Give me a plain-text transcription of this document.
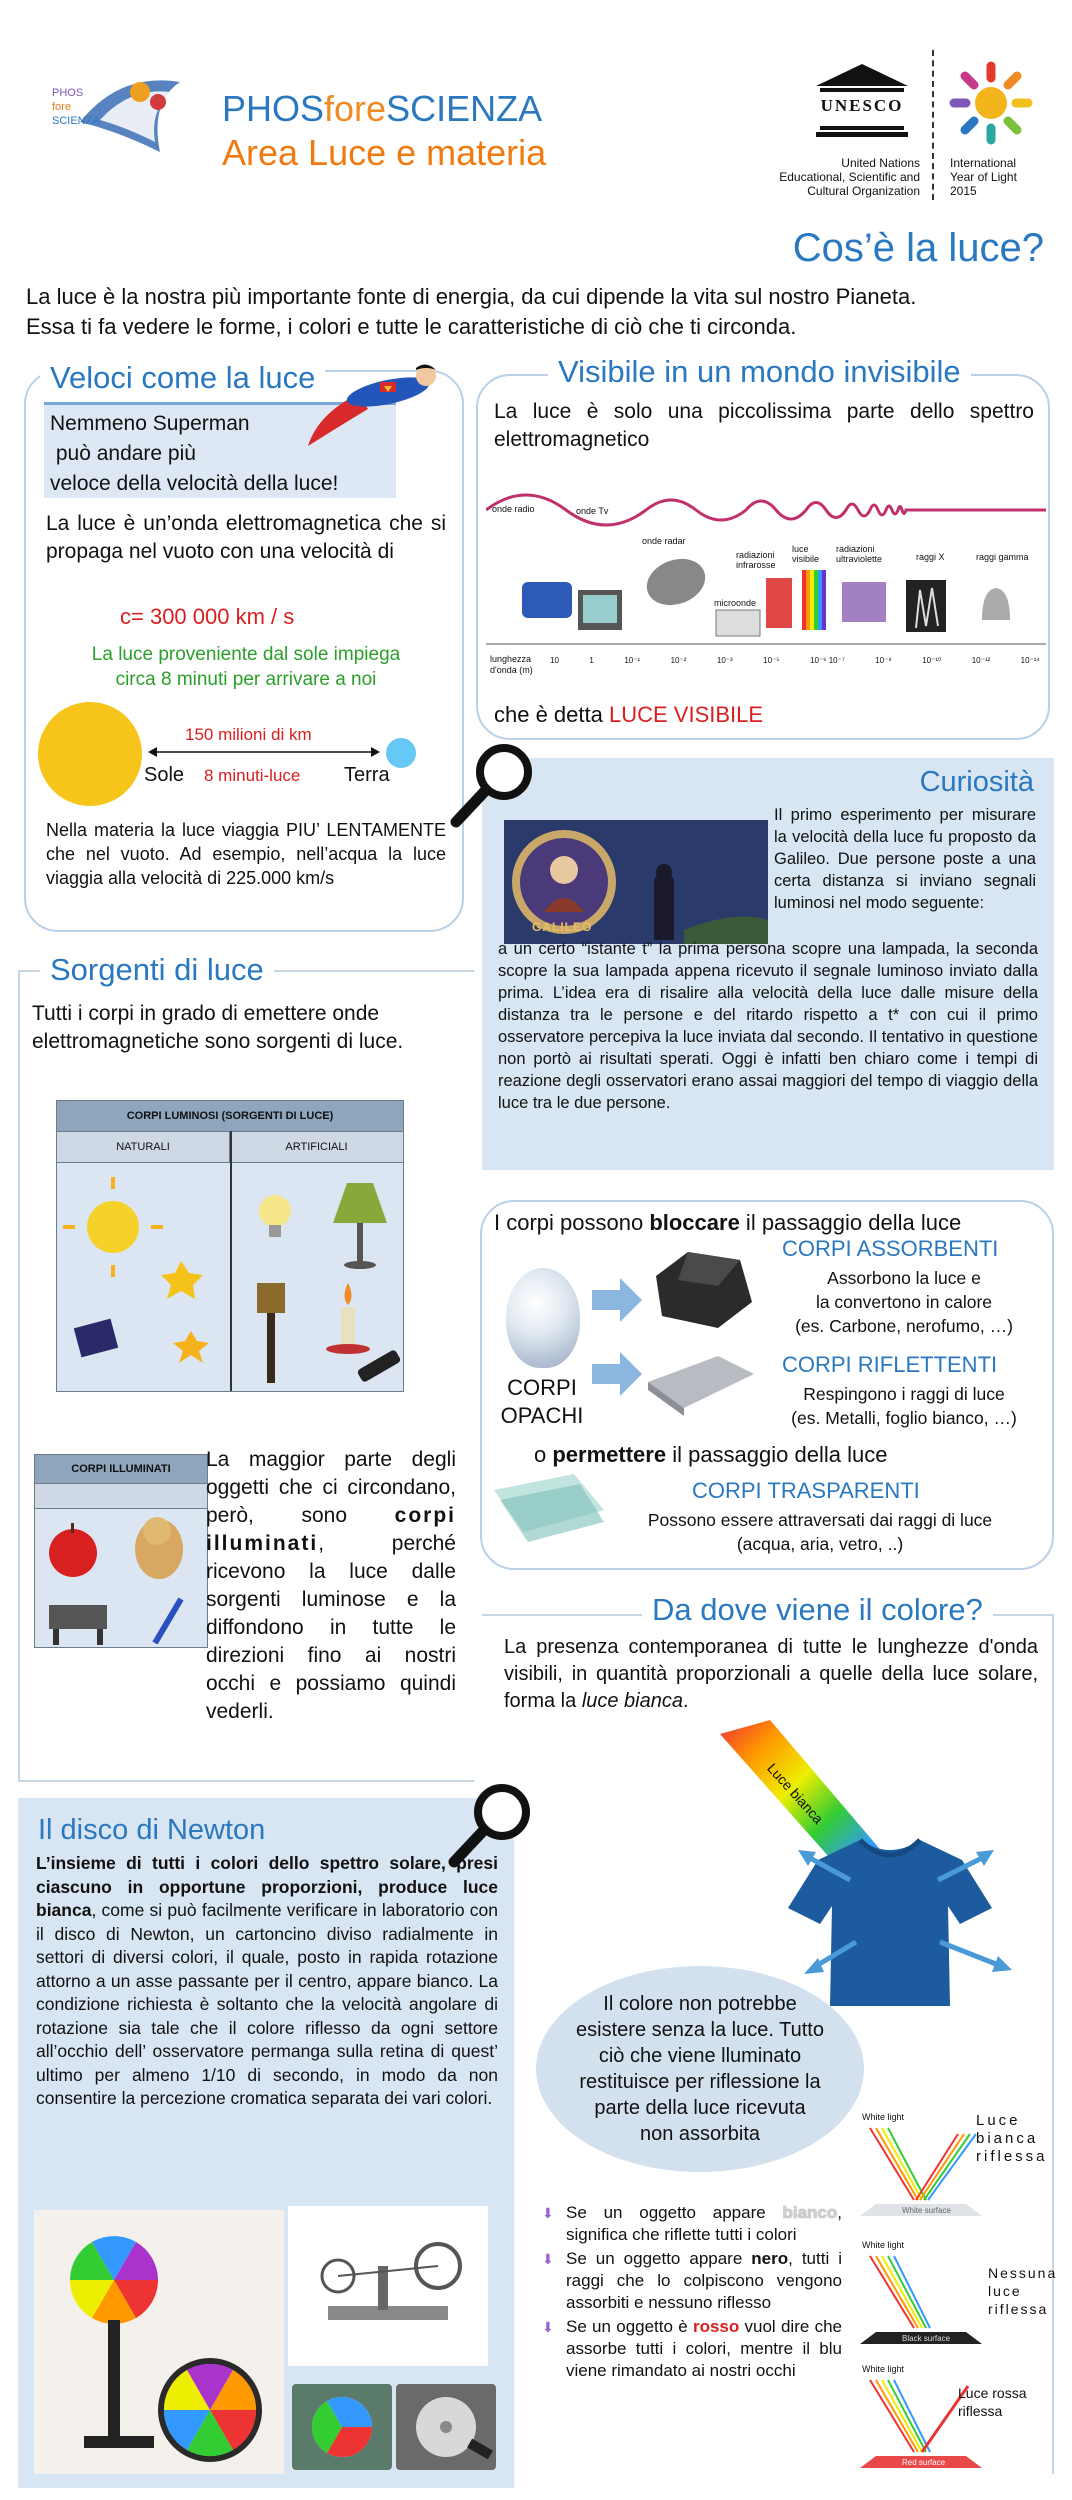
PHOS
fore
SCIENZA	PHOSforeSCIENZA
Area Luce e materia
UNESCO
United Nations
Educational, Scientific and
Cultural Organization
International
Year of Light
2015
Cos’è la luce?
La luce è la nostra più importante fonte di energia, da cui dipende la vita sul nostro Pianeta.
Essa ti fa vedere le forme, i colori e tutte le caratteristiche di ciò che ti circonda.
Veloci come la luce
Nemmeno Superman
può andare più
veloce della velocità della luce!
La luce è un’onda elettromagnetica che si propaga nel vuoto con una velocità di
c= 300 000 km / s
La luce proveniente dal sole impiega
circa 8 minuti per arrivare a noi
150 milioni di km
Sole 8 minuti-luce Terra
Nella materia la luce viaggia PIU’ LENTAMENTE che nel vuoto. Ad esempio, nell’acqua la luce viaggia alla velocità di 225.000 km/s
Visibile in un mondo invisibile
La luce è solo una piccolissima parte dello spettro elettromagnetico
onde radio	onde Tv
onde radar
microonde
radiazioni infrarosse
luce visibile
radiazioni ultraviolette	raggi X	raggi gamma
lunghezza
d'onda (m)
10	1	10⁻¹	10⁻²	10⁻³	10⁻⁵	10⁻⁶ 10⁻⁷	10⁻⁸	10⁻¹⁰	10⁻¹²	10⁻¹⁴
che è detta LUCE VISIBILE
Curiosità
GALILEO
Il primo esperimento per misurare la velocità della luce fu proposto da Galileo. Due persone poste a una certa distanza si inviano segnali luminosi nel modo seguente:
a un certo “istante t” la prima persona scopre una lampada, la seconda scopre la sua lampada appena ricevuto il segnale luminoso inviato dalla prima. L’idea era di risalire alla velocità della luce dalle misure della distanza tra le persone e del ritardo rispetto a t* con cui il primo osservatore percepiva la luce inviata dal secondo. Il tentativo in questione non portò ai risultati sperati. Oggi è infatti ben chiaro come i tempi di reazione degli osservatori erano assai maggiori del tempo di viaggio della luce tra le due persone.
Sorgenti di luce
Tutti i corpi in grado di emettere onde elettromagnetiche sono sorgenti di luce.
CORPI LUMINOSI (SORGENTI DI LUCE)
NATURALI	ARTIFICIALI
CORPI ILLUMINATI	La maggior parte degli oggetti che ci circondano, però, sono corpi illuminati, perché ricevono la luce dalle sorgenti luminose e la diffondono in tutte le direzioni fino ai nostri occhi e possiamo quindi vederli.
I corpi possono bloccare il passaggio della luce
CORPI ASSORBENTI
Assorbono la luce e
la convertono in calore
(es. Carbone, nerofumo, …)
CORPI RIFLETTENTI
Respingono i raggi di luce
(es. Metalli, foglio bianco, …)
CORPI
OPACHI
o permettere il passaggio della luce
CORPI TRASPARENTI
Possono essere attraversati dai raggi di luce
(acqua, aria, vetro, ..)
Da dove viene il colore?
La presenza contemporanea di tutte le lunghezze d'onda visibili, in quantità proporzionali a quelle della luce solare, forma la luce bianca.
Luce bianca
Il colore non potrebbe esistere senza la luce. Tutto ciò che viene lluminato restituisce per riflessione la parte della luce ricevuta non assorbita
⬇ Se un oggetto appare bianco, significa che riflette tutti i colori
⬇ Se un oggetto appare nero, tutti i raggi che lo colpiscono vengono assorbiti e nessuno riflesso
⬇ Se un oggetto è rosso vuol dire che assorbe tutti i colori, mentre il blu viene rimandato ai nostri occhi
White light
White surface
Luce bianca riflessa
White light
Black surface
Nessuna luce riflessa
White light
Red surface
Luce rossa riflessa
Il disco di Newton
L’insieme di tutti i colori dello spettro solare, presi ciascuno in opportune proporzioni, produce luce bianca, come si può facilmente verificare in laboratorio con il disco di Newton, un cartoncino diviso radialmente in settori di diversi colori, il quale, posto in rapida rotazione attorno a un asse passante per il centro, appare bianco. La condizione richiesta è soltanto che la velocità angolare di rotazione sia tale che il colore riflesso da ogni settore all’occhio dell’ osservatore permanga sulla retina di quest’ ultimo per almeno 1/10 di secondo, in modo da non consentire la percezione cromatica separata dei vari colori.
